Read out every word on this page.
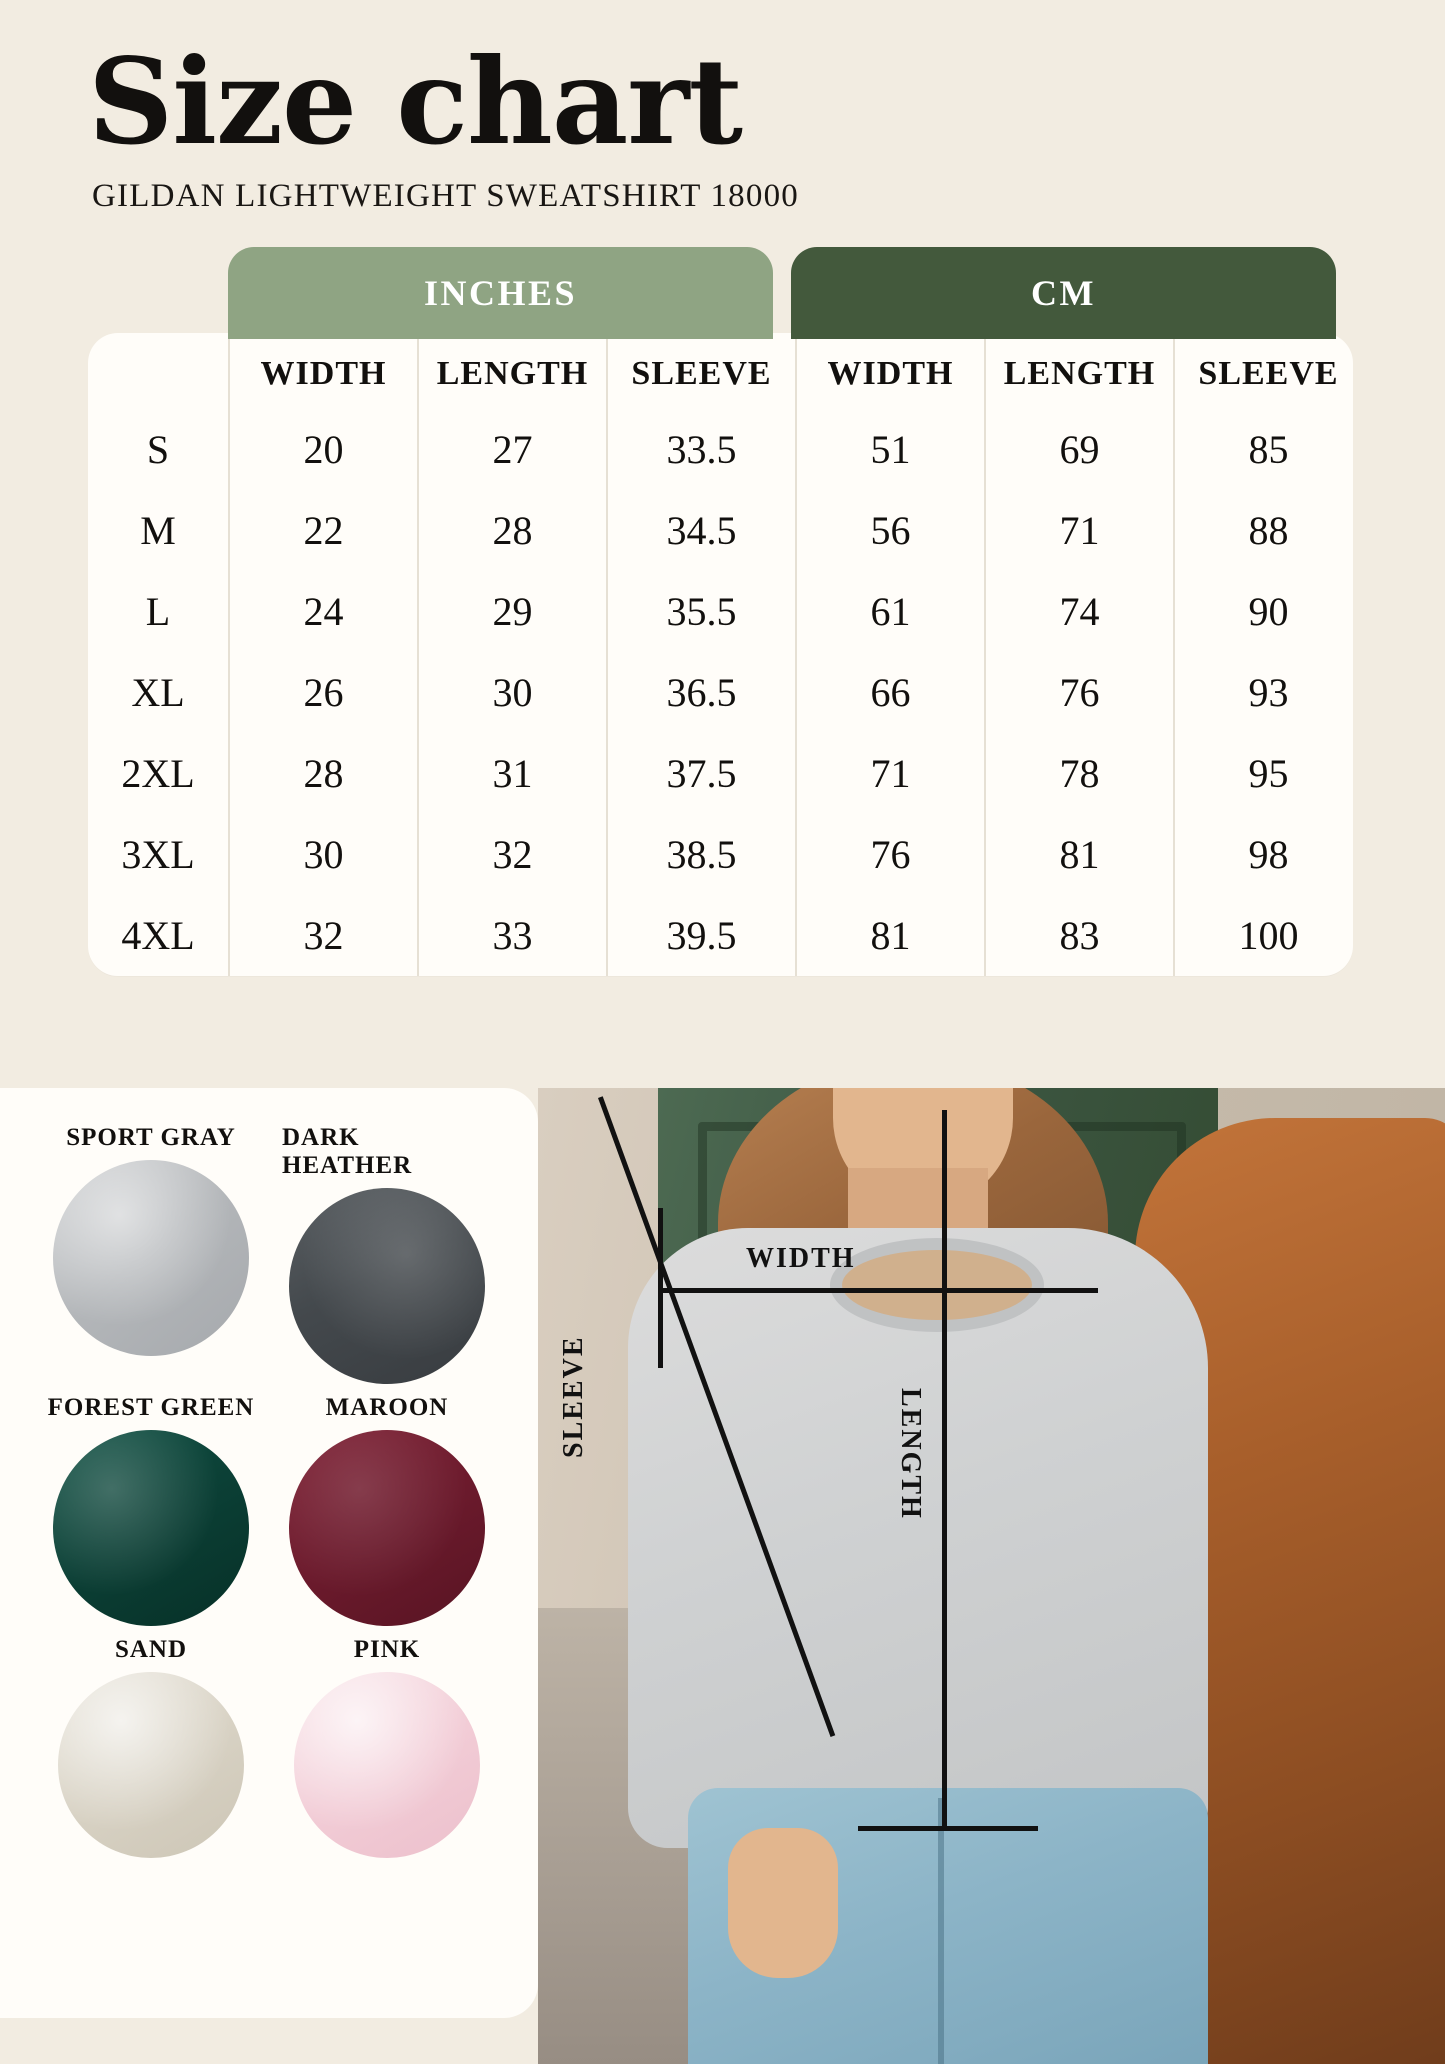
Size chart
GILDAN LIGHTWEIGHT SWEATSHIRT 18000
INCHES	CM
	WIDTH	LENGTH	SLEEVE	WIDTH	LENGTH	SLEEVE
S	20	27	33.5	51	69	85
M	22	28	34.5	56	71	88
L	24	29	35.5	61	74	90
XL	26	30	36.5	66	76	93
2XL	28	31	37.5	71	78	95
3XL	30	32	38.5	76	81	98
4XL	32	33	39.5	81	83	100
SPORT GRAY DARK HEATHER
FOREST GREEN	MAROON
SAND	PINK
WIDTH
LENGTH
SLEEVE
